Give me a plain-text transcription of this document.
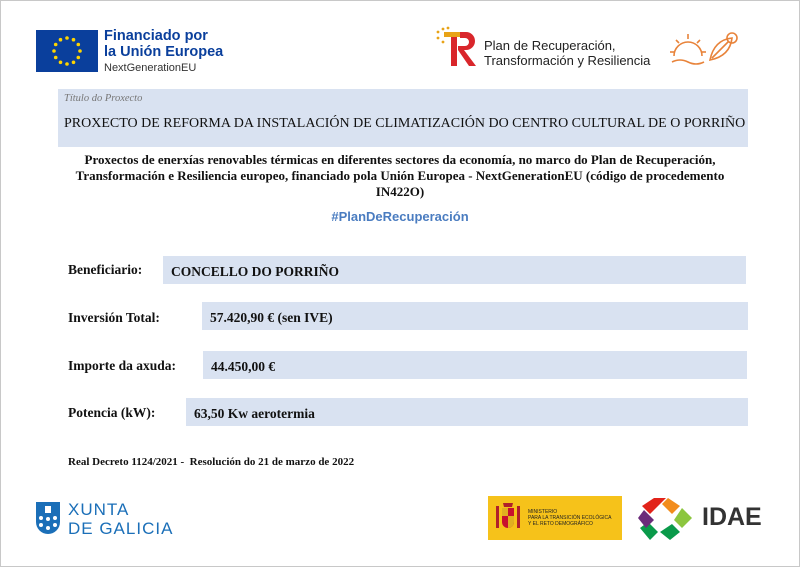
Financiado por
la Unión Europea
NextGenerationEU
Plan de Recuperación,
Transformación y Resiliencia
Título do Proxecto
PROXECTO DE REFORMA DA INSTALACIÓN DE CLIMATIZACIÓN DO CENTRO CULTURAL DE O PORRIÑO
Proxectos de enerxías renovables térmicas en diferentes sectores da economía, no marco do Plan de Recuperación, Transformación e Resiliencia europeo, financiado pola Unión Europea - NextGenerationEU (código de procedemento IN422O)
#PlanDeRecuperación
Beneficiario: CONCELLO DO PORRIÑO
Inversión Total:	57.420,90 € (sen IVE)
Importe da axuda:	44.450,00 €
Potencia (kW):	63,50 Kw aerotermia
Real Decreto 1124/2021 -  Resolución do 21 de marzo de 2022
XUNTA
DE GALICIA
MINISTERIO
PARA LA TRANSICIÓN ECOLÓGICA
Y EL RETO DEMOGRÁFICO	IDAE
